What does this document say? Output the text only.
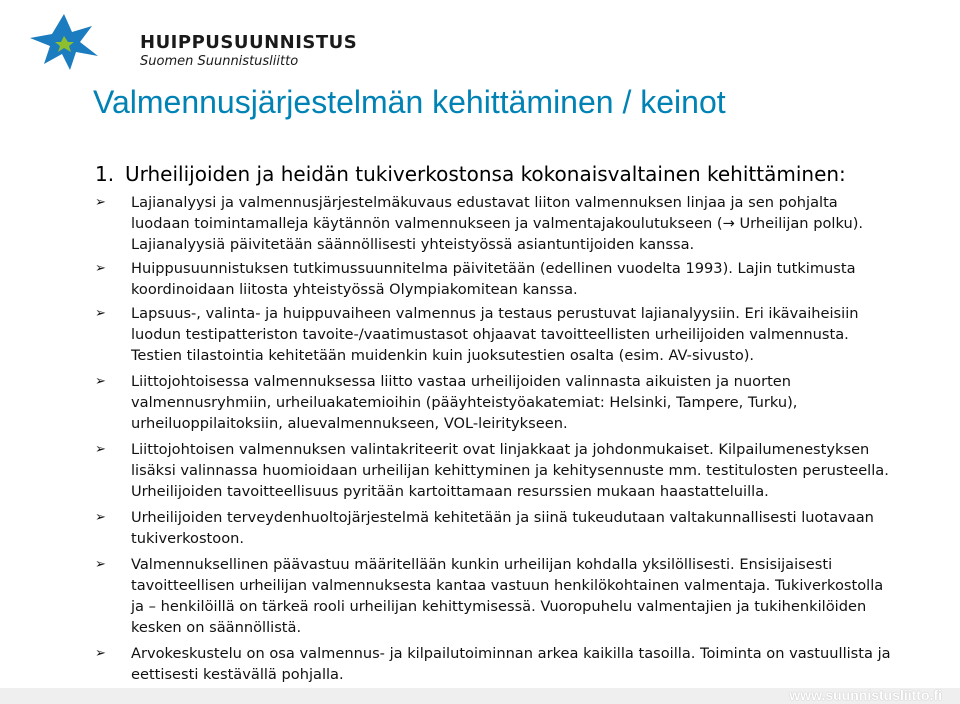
HUIPPUSUUNNISTUS
Suomen Suunnistusliitto
Valmennusjärjestelmän kehittäminen / keinot
1. Urheilijoiden ja heidän tukiverkostonsa kokonaisvaltainen kehittäminen:
➢ Lajianalyysi ja valmennusjärjestelmäkuvaus edustavat liiton valmennuksen linjaa ja sen pohjalta luodaan toimintamalleja käytännön valmennukseen ja valmentajakoulutukseen (→ Urheilijan polku). Lajianalyysiä päivitetään säännöllisesti yhteistyössä asiantuntijoiden kanssa.
➢ Huippusuunnistuksen tutkimussuunnitelma päivitetään (edellinen vuodelta 1993). Lajin tutkimusta koordinoidaan liitosta yhteistyössä Olympiakomitean kanssa.
➢ Lapsuus-, valinta- ja huippuvaiheen valmennus ja testaus perustuvat lajianalyysiin. Eri ikävaiheisiin luodun testipatteriston tavoite-/vaatimustasot ohjaavat tavoitteellisten urheilijoiden valmennusta. Testien tilastointia kehitetään muidenkin kuin juoksutestien osalta (esim. AV-sivusto).
➢ Liittojohtoisessa valmennuksessa liitto vastaa urheilijoiden valinnasta aikuisten ja nuorten valmennusryhmiin, urheiluakatemioihin (pääyhteistyöakatemiat: Helsinki, Tampere, Turku), urheiluoppilaitoksiin, aluevalmennukseen, VOL-leiritykseen.
➢ Liittojohtoisen valmennuksen valintakriteerit ovat linjakkaat ja johdonmukaiset. Kilpailumenestyksen lisäksi valinnassa huomioidaan urheilijan kehittyminen ja kehitysennuste mm. testitulosten perusteella. Urheilijoiden tavoitteellisuus pyritään kartoittamaan resurssien mukaan haastatteluilla.
➢ Urheilijoiden terveydenhuoltojärjestelmä kehitetään ja siinä tukeudutaan valtakunnallisesti luotavaan tukiverkostoon.
➢ Valmennuksellinen päävastuu määritellään kunkin urheilijan kohdalla yksilöllisesti. Ensisijaisesti tavoitteellisen urheilijan valmennuksesta kantaa vastuun henkilökohtainen valmentaja. Tukiverkostolla ja – henkilöillä on tärkeä rooli urheilijan kehittymisessä. Vuoropuhelu valmentajien ja tukihenkilöiden kesken on säännöllistä.
➢ Arvokeskustelu on osa valmennus- ja kilpailutoiminnan arkea kaikilla tasoilla. Toiminta on vastuullista ja eettisesti kestävällä pohjalla.
www.suunnistusliitto.fi
